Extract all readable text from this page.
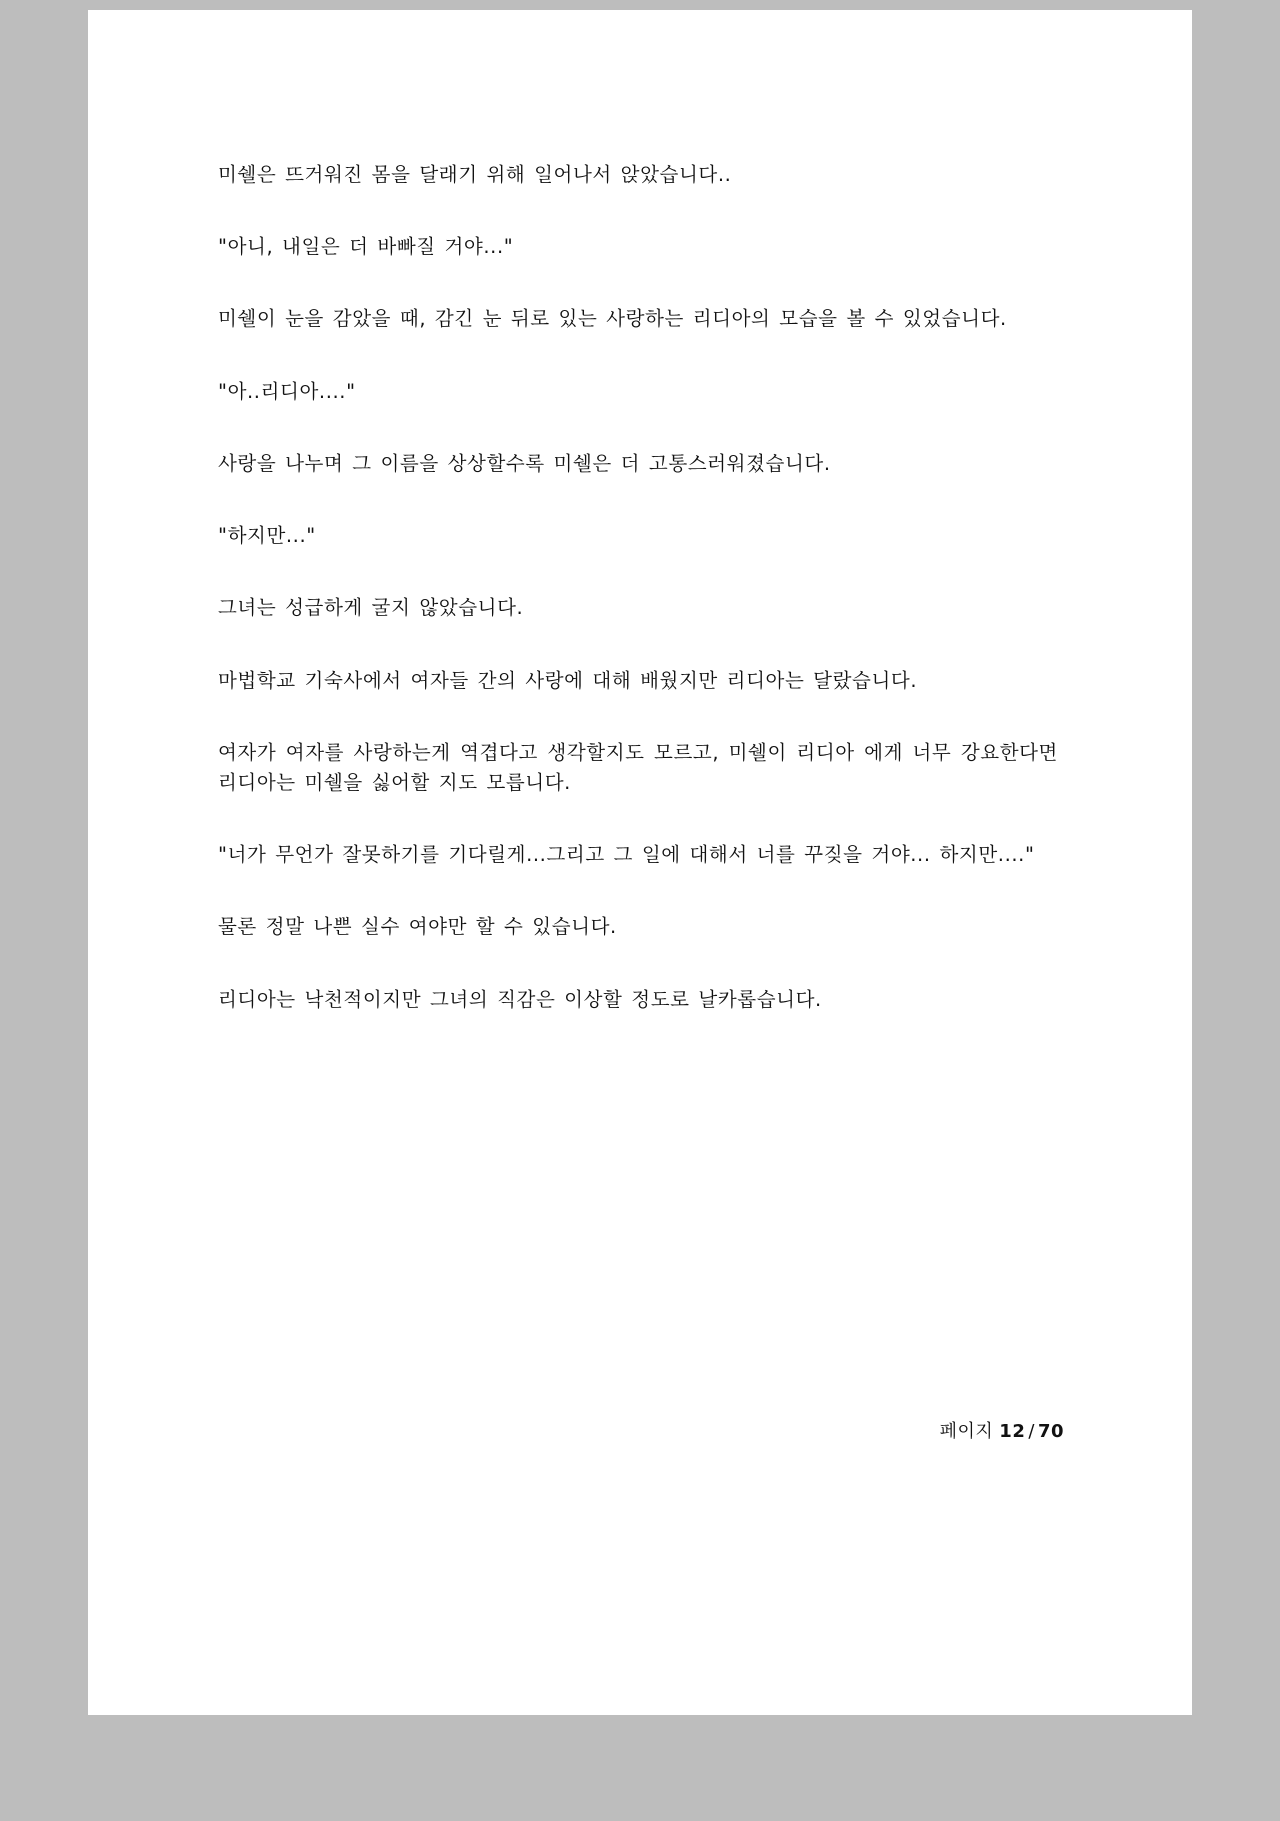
미쉘은 뜨거워진 몸을 달래기 위해 일어나서 앉았습니다..

"아니, 내일은 더 바빠질 거야..."

미쉘이 눈을 감았을 때, 감긴 눈 뒤로 있는 사랑하는 리디아의 모습을 볼 수 있었습니다.

"아..리디아...."

사랑을 나누며 그 이름을 상상할수록 미쉘은 더 고통스러워졌습니다.

"하지만..."

그녀는 성급하게 굴지 않았습니다.

마법학교 기숙사에서 여자들 간의 사랑에 대해 배웠지만 리디아는 달랐습니다.

여자가 여자를 사랑하는게 역겹다고 생각할지도 모르고, 미쉘이 리디아 에게 너무 강요한다면 리디아는 미쉘을 싫어할 지도 모릅니다.

"너가 무언가 잘못하기를 기다릴게...그리고 그 일에 대해서 너를 꾸짖을 거야... 하지만...."

물론 정말 나쁜 실수 여야만 할 수 있습니다.

리디아는 낙천적이지만 그녀의 직감은 이상할 정도로 날카롭습니다.

페이지 12 / 70
